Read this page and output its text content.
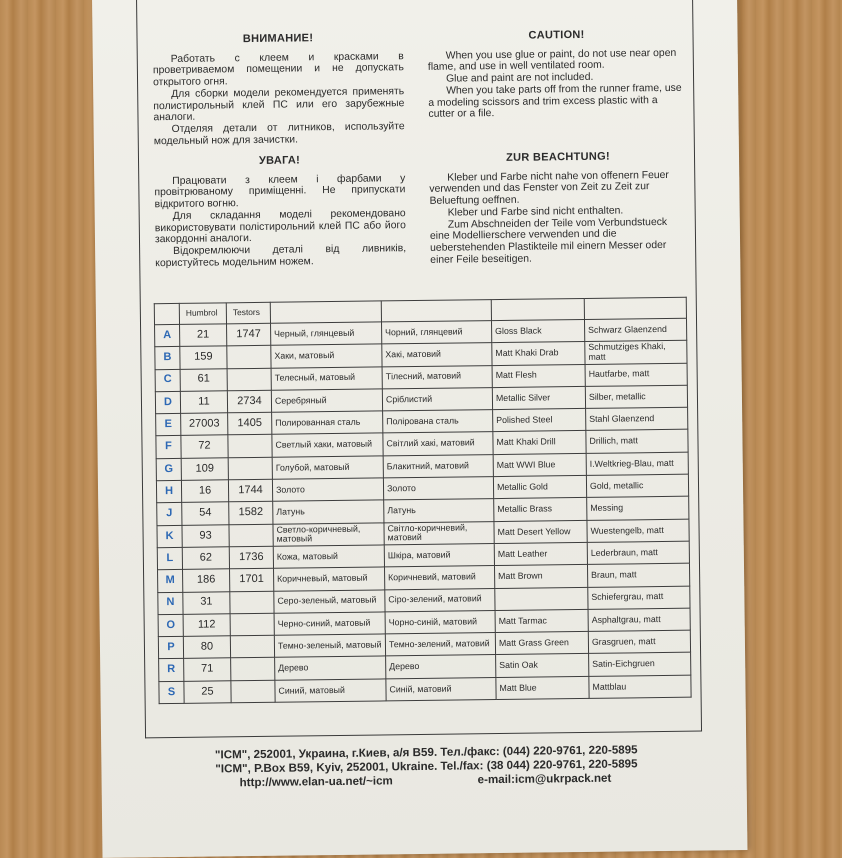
ВНИМАНИЕ!

Работать с клеем и красками в проветриваемом помещении и не допускать открытого огня.

Для сборки модели рекомендуется применять полистирольный клей ПС или его зарубежные аналоги.

Отделяя детали от литников, используйте модельный нож для зачистки.

CAUTION!

When you use glue or paint, do not use near open flame, and use in well ventilated room.

Glue and paint are not included.

When you take parts off from the runner frame, use a modeling scissors and trim excess plastic with a cutter or a file.

УВАГА!

Працювати з клеем і фарбами у провітрюваному приміщенні. Не припускати відкритого вогню.

Для складання моделі рекомендовано використовувати полістирольний клей ПС або його закордонні аналоги.

Відокремлюючи деталі від ливників, користуйтесь модельним ножем.

ZUR BEACHTUNG!

Kleber und Farbe nicht nahe von offenern Feuer verwenden und das Fenster von Zeit zu Zeit zur Belueftung oeffnen.

Kleber und Farbe sind nicht enthalten.

Zum Abschneiden der Teile vom Verbundstueck eine Modellierschere verwenden und die ueberstehenden Plastikteile mil einern Messer oder einer Feile beseitigen.

	Humbrol	Testors				
A	21	1747	Черный, глянцевый	Чорний, глянцевий	Gloss Black	Schwarz Glaenzend
B	159		Хаки, матовый	Хакі, матовий	Matt Khaki Drab	Schmutziges Khaki, matt
C	61		Телесный, матовый	Тілесний, матовий	Matt Flesh	Hautfarbe, matt
D	11	2734	Серебряный	Сріблистий	Metallic Silver	Silber, metallic
E	27003	1405	Полированная сталь	Полірована сталь	Polished Steel	Stahl Glaenzend
F	72		Светлый хаки, матовый	Світлий хакі, матовий	Matt Khaki Drill	Drillich, matt
G	109		Голубой, матовый	Блакитний, матовий	Matt WWI Blue	I.Weltkrieg-Blau, matt
H	16	1744	Золото	Золото	Metallic Gold	Gold, metallic
J	54	1582	Латунь	Латунь	Metallic Brass	Messing
K	93		Светло-коричневый, матовый	Світло-коричневий, матовий	Matt Desert Yellow	Wuestengelb, matt
L	62	1736	Кожа, матовый	Шкіра, матовий	Matt Leather	Lederbraun, matt
M	186	1701	Коричневый, матовый	Коричневий, матовий	Matt Brown	Braun, matt
N	31		Серо-зеленый, матовый	Сіро-зелений, матовий		Schiefergrau, matt
O	112		Черно-синий, матовый	Чорно-синій, матовий	Matt Tarmac	Asphaltgrau, matt
P	80		Темно-зеленый, матовый	Темно-зелений, матовий	Matt Grass Green	Grasgruen, matt
R	71		Дерево	Дерево	Satin Oak	Satin-Eichgruen
S	25		Синий, матовый	Синій, матовий	Matt Blue	Mattblau
"ICM", 252001, Украина, г.Киев, а/я B59. Тел./факс: (044) 220-9761, 220-5895
"ICM", P.Box B59, Kyiv, 252001, Ukraine. Tel./fax: (38 044) 220-9761, 220-5895
http://www.elan-ua.net/~icm	e-mail:icm@ukrpack.net
